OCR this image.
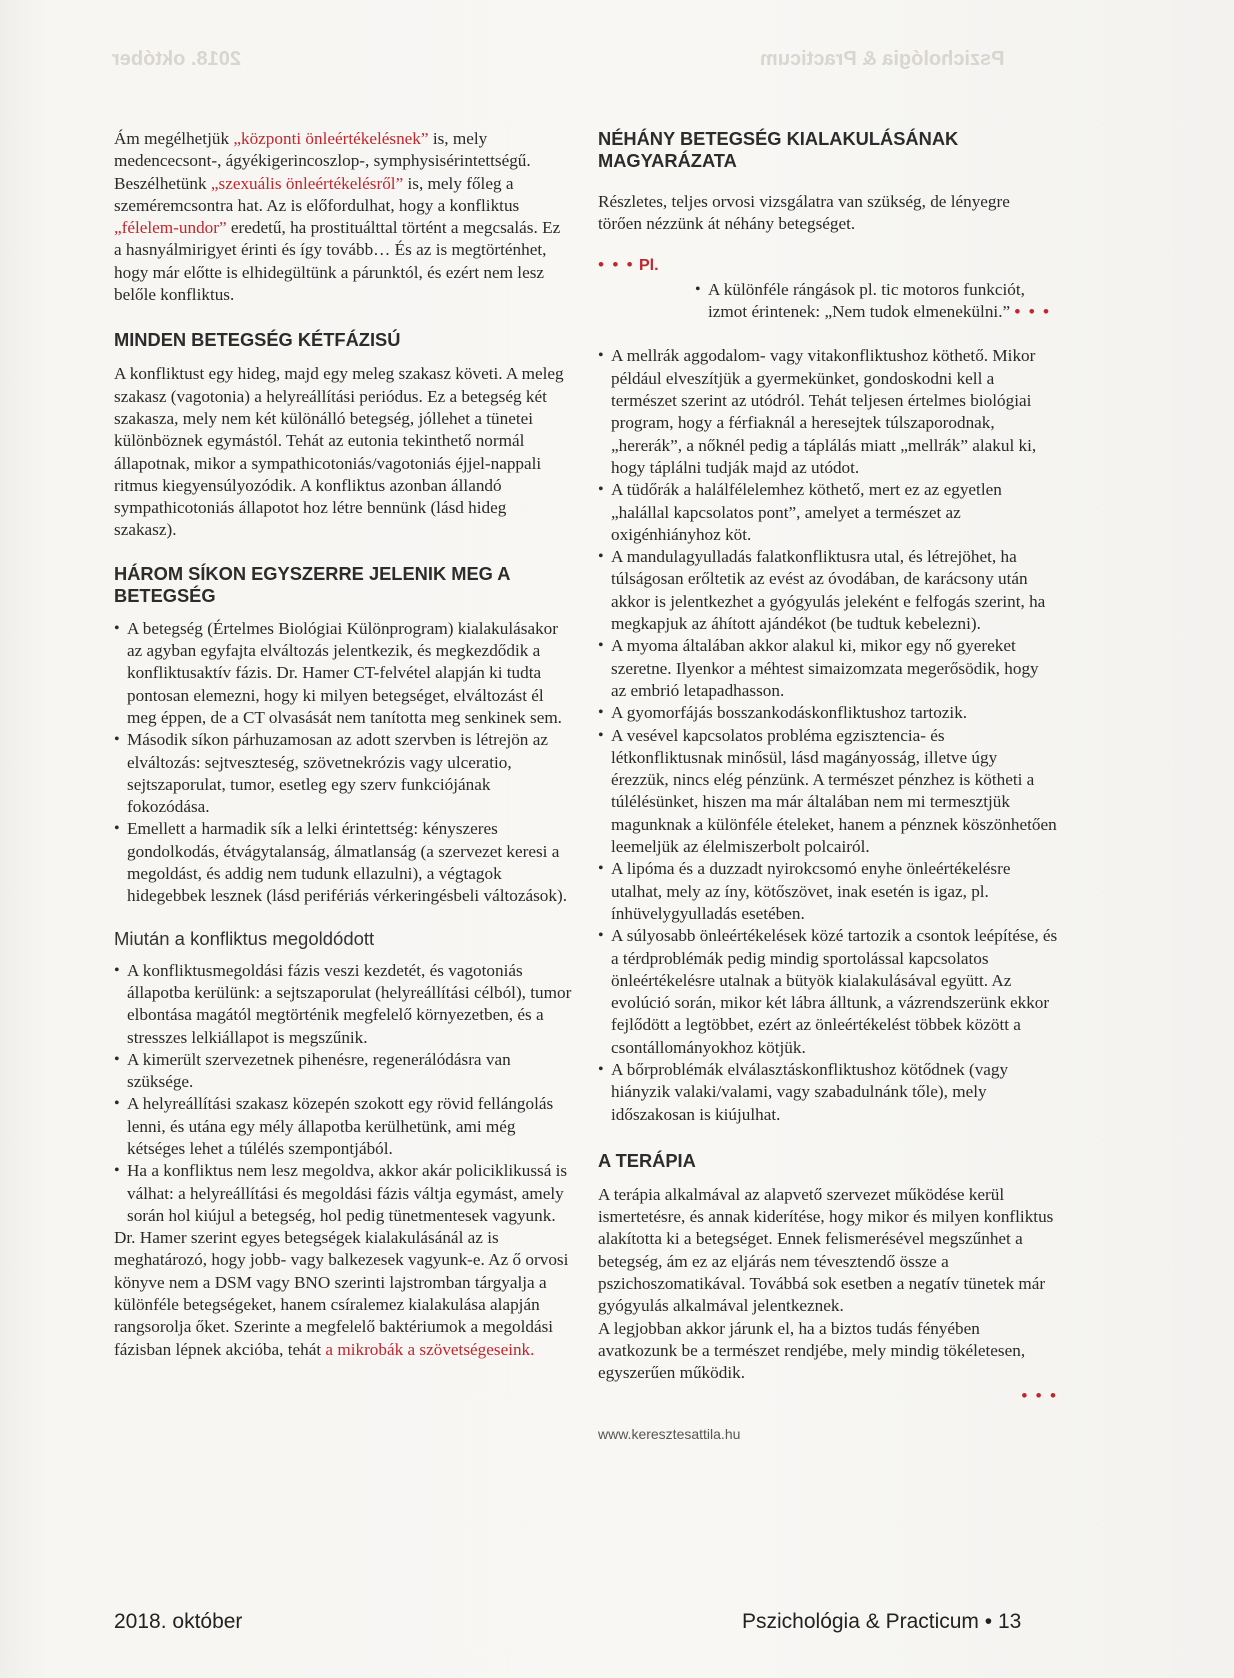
2018. október	Pszichológia & Practicum

Ám megélhetjük „központi önleértékelésnek” is, mely medencecsont-, ágyékigerincoszlop-, symphysisérintettségű. Beszélhetünk „szexuális önleértékelésről” is, mely főleg a szeméremcsontra hat. Az is előfordulhat, hogy a konfliktus „félelem-undor” eredetű, ha prostituálttal történt a megcsalás. Ez a hasnyálmirigyet érinti és így tovább… És az is megtörténhet, hogy már előtte is elhidegültünk a párunktól, és ezért nem lesz belőle konfliktus.

MINDEN BETEGSÉG KÉTFÁZISÚ

A konfliktust egy hideg, majd egy meleg szakasz követi. A meleg szakasz (vagotonia) a helyreállítási periódus. Ez a betegség két szakasza, mely nem két különálló betegség, jóllehet a tünetei különböznek egymástól. Tehát az eutonia tekinthető normál állapotnak, mikor a sympathicotoniás/vagotoniás éjjel-nappali ritmus kiegyensúlyozódik. A konfliktus azonban állandó sympathicotoniás állapotot hoz létre bennünk (lásd hideg szakasz).

HÁROM SÍKON EGYSZERRE JELENIK MEG A BETEGSÉG
• A betegség (Értelmes Biológiai Különprogram) kialakulásakor az agyban egyfajta elváltozás jelentkezik, és megkezdődik a konfliktusaktív fázis. Dr. Hamer CT-felvétel alapján ki tudta pontosan elemezni, hogy ki milyen betegséget, elváltozást él meg éppen, de a CT olvasását nem tanította meg senkinek sem.
• Második síkon párhuzamosan az adott szervben is létrejön az elváltozás: sejtveszteség, szövetnekrózis vagy ulceratio, sejtszaporulat, tumor, esetleg egy szerv funkciójának fokozódása.
• Emellett a harmadik sík a lelki érintettség: kényszeres gondolkodás, étvágytalanság, álmatlanság (a szervezet keresi a megoldást, és addig nem tudunk ellazulni), a végtagok hidegebbek lesznek (lásd perifériás vérkeringésbeli változások).
Miután a konfliktus megoldódott
• A konfliktusmegoldási fázis veszi kezdetét, és vagotoniás állapotba kerülünk: a sejtszaporulat (helyreállítási célból), tumor elbontása magától megtörténik megfelelő környezetben, és a stresszes lelkiállapot is megszűnik.
• A kimerült szervezetnek pihenésre, regenerálódásra van szüksége.
• A helyreállítási szakasz közepén szokott egy rövid fellángolás lenni, és utána egy mély állapotba kerülhetünk, ami még kétséges lehet a túlélés szempontjából.
• Ha a konfliktus nem lesz megoldva, akkor akár policiklikussá is válhat: a helyreállítási és megoldási fázis váltja egymást, amely során hol kiújul a betegség, hol pedig tünetmentesek vagyunk.

Dr. Hamer szerint egyes betegségek kialakulásánál az is meghatározó, hogy jobb- vagy balkezesek vagyunk-e. Az ő orvosi könyve nem a DSM vagy BNO szerinti lajstromban tárgyalja a különféle betegségeket, hanem csíralemez kialakulása alapján rangsorolja őket. Szerinte a megfelelő baktériumok a megoldási fázisban lépnek akcióba, tehát a mikrobák a szövetségeseink.

NÉHÁNY BETEGSÉG KIALAKULÁSÁNAK MAGYARÁZATA

Részletes, teljes orvosi vizsgálatra van szükség, de lényegre törően nézzünk át néhány betegséget.

• • • Pl.

• A különféle rángások pl. tic motoros funkciót, izmot érintenek: „Nem tudok elmenekülni.” • • •
• A mellrák aggodalom- vagy vitakonfliktushoz köthető. Mikor például elveszítjük a gyermekünket, gondoskodni kell a természet szerint az utódról. Tehát teljesen értelmes biológiai program, hogy a férfiaknál a heresejtek túlszaporodnak, „hererák”, a nőknél pedig a táplálás miatt „mellrák” alakul ki, hogy táplálni tudják majd az utódot.
• A tüdőrák a halálfélelemhez köthető, mert ez az egyetlen „halállal kapcsolatos pont”, amelyet a természet az oxigénhiányhoz köt.
• A mandulagyulladás falatkonfliktusra utal, és létrejöhet, ha túlságosan erőltetik az evést az óvodában, de karácsony után akkor is jelentkezhet a gyógyulás jeleként e felfogás szerint, ha megkapjuk az áhított ajándékot (be tudtuk kebelezni).
• A myoma általában akkor alakul ki, mikor egy nő gyereket szeretne. Ilyenkor a méhtest simaizomzata megerősödik, hogy az embrió letapadhasson.
• A gyomorfájás bosszankodáskonfliktushoz tartozik.
• A vesével kapcsolatos probléma egzisztencia- és létkonfliktusnak minősül, lásd magányosság, illetve úgy érezzük, nincs elég pénzünk. A természet pénzhez is kötheti a túlélésünket, hiszen ma már általában nem mi termesztjük magunknak a különféle ételeket, hanem a pénznek köszönhetően leemeljük az élelmiszerbolt polcairól.
• A lipóma és a duzzadt nyirokcsomó enyhe önleértékelésre utalhat, mely az íny, kötőszövet, inak esetén is igaz, pl. ínhüvelygyulladás esetében.
• A súlyosabb önleértékelések közé tartozik a csontok leépítése, és a térdproblémák pedig mindig sportolással kapcsolatos önleértékelésre utalnak a bütyök kialakulásával együtt. Az evolúció során, mikor két lábra álltunk, a vázrendszerünk ekkor fejlődött a legtöbbet, ezért az önleértékelést többek között a csontállományokhoz kötjük.
• A bőrproblémák elválasztáskonfliktushoz kötődnek (vagy hiányzik valaki/valami, vagy szabadulnánk tőle), mely időszakosan is kiújulhat.
A TERÁPIA

A terápia alkalmával az alapvető szervezet működése kerül ismertetésre, és annak kiderítése, hogy mikor és milyen konfliktus alakította ki a betegséget. Ennek felismerésével megszűnhet a betegség, ám ez az eljárás nem tévesztendő össze a pszichoszomatikával. Továbbá sok esetben a negatív tünetek már gyógyulás alkalmával jelentkeznek.

A legjobban akkor járunk el, ha a biztos tudás fényében avatkozunk be a természet rendjébe, mely mindig tökéletesen, egyszerűen működik.

• • •

www.keresztesattila.hu

2018. október	Pszichológia & Practicum • 13
